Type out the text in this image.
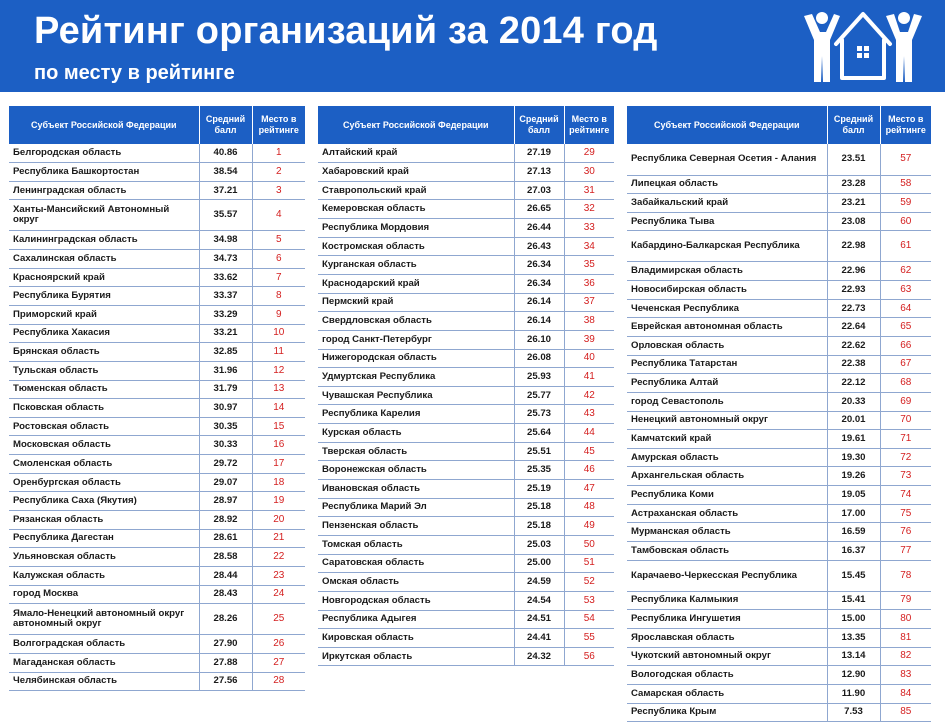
Рейтинг организаций за 2014 год
по месту в рейтинге
Субъект Российской Федерации	Средний балл	Место в рейтинге
Белгородская область	40.86	1
Республика Башкортостан	38.54	2
Ленинградская область	37.21	3
Ханты-Мансийский Автономный округ	35.57	4
Калининградская область	34.98	5
Сахалинская область	34.73	6
Красноярский край	33.62	7
Республика Бурятия	33.37	8
Приморский край	33.29	9
Республика Хакасия	33.21	10
Брянская область	32.85	11
Тульская область	31.96	12
Тюменская область	31.79	13
Псковская область	30.97	14
Ростовская область	30.35	15
Московская область	30.33	16
Смоленская область	29.72	17
Оренбургская область	29.07	18
Республика Саха (Якутия)	28.97	19
Рязанская область	28.92	20
Республика Дагестан	28.61	21
Ульяновская область	28.58	22
Калужская область	28.44	23
город Москва	28.43	24
Ямало-Ненецкий автономный округ автономный округ	28.26	25
Волгоградская область	27.90	26
Магаданская область	27.88	27
Челябинская область	27.56	28
Субъект Российской Федерации	Средний балл	Место в рейтинге
Алтайский край	27.19	29
Хабаровский край	27.13	30
Ставропольский край	27.03	31
Кемеровская область	26.65	32
Республика Мордовия	26.44	33
Костромская область	26.43	34
Курганская область	26.34	35
Краснодарский край	26.34	36
Пермский край	26.14	37
Свердловская область	26.14	38
город Санкт-Петербург	26.10	39
Нижегородская область	26.08	40
Удмуртская Республика	25.93	41
Чувашская Республика	25.77	42
Республика Карелия	25.73	43
Курская область	25.64	44
Тверская область	25.51	45
Воронежская область	25.35	46
Ивановская область	25.19	47
Республика Марий Эл	25.18	48
Пензенская область	25.18	49
Томская область	25.03	50
Саратовская область	25.00	51
Омская область	24.59	52
Новгородская область	24.54	53
Республика Адыгея	24.51	54
Кировская область	24.41	55
Иркутская область	24.32	56
Субъект Российской Федерации	Средний балл	Место в рейтинге
Республика Северная Осетия - Алания	23.51	57
Липецкая область	23.28	58
Забайкальский край	23.21	59
Республика Тыва	23.08	60
Кабардино-Балкарская Республика	22.98	61
Владимирская область	22.96	62
Новосибирская область	22.93	63
Чеченская Республика	22.73	64
Еврейская автономная область	22.64	65
Орловская область	22.62	66
Республика Татарстан	22.38	67
Республика Алтай	22.12	68
город Севастополь	20.33	69
Ненецкий автономный округ	20.01	70
Камчатский край	19.61	71
Амурская область	19.30	72
Архангельская область	19.26	73
Республика Коми	19.05	74
Астраханская область	17.00	75
Мурманская область	16.59	76
Тамбовская область	16.37	77
Карачаево-Черкесская Республика	15.45	78
Республика Калмыкия	15.41	79
Республика Ингушетия	15.00	80
Ярославская область	13.35	81
Чукотский автономный округ	13.14	82
Вологодская область	12.90	83
Самарская область	11.90	84
Республика Крым	7.53	85
